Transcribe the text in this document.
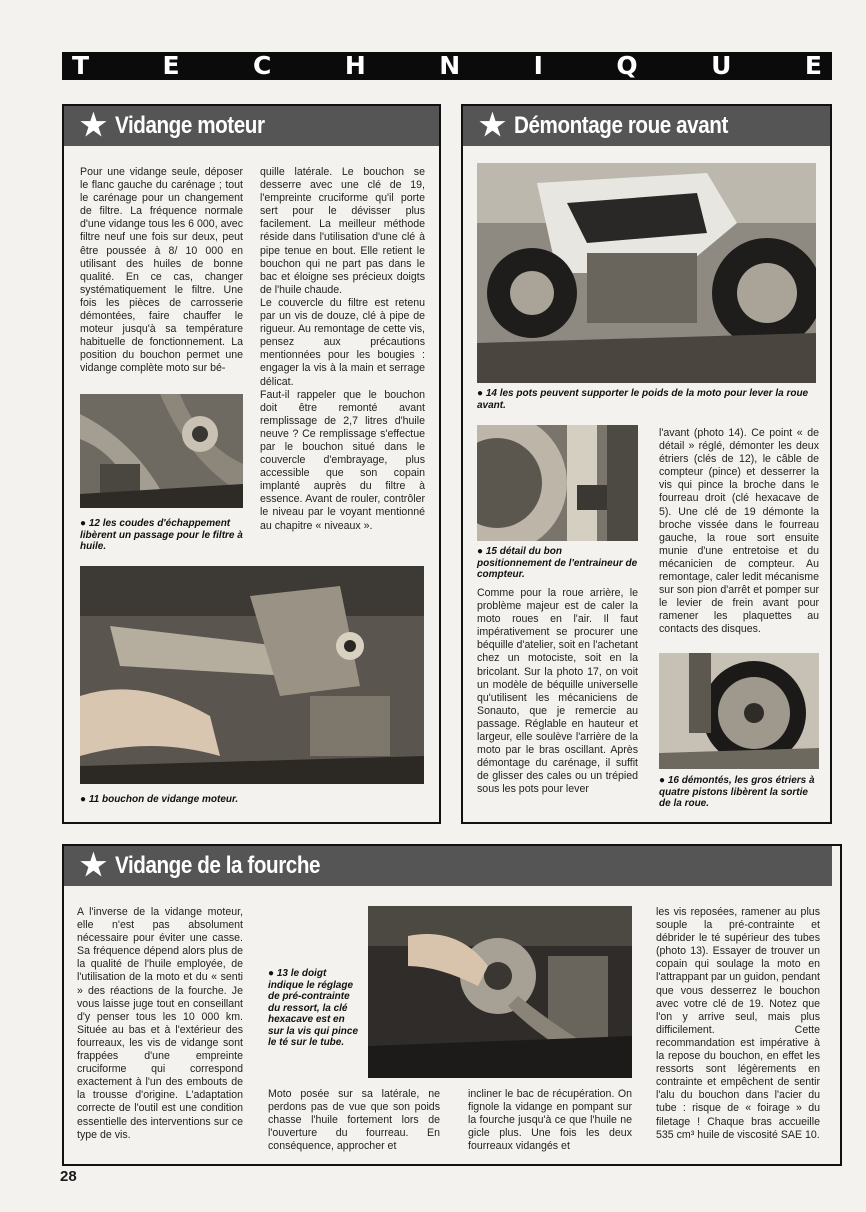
T	E	C	H	N	I	Q	U	E
★ Vidange moteur
Pour une vidange seule, déposer le flanc gauche du carénage ; tout le carénage pour un changement de filtre. La fréquence normale d'une vidange tous les 6 000, avec filtre neuf une fois sur deux, peut être poussée à 8/ 10 000 en utilisant des huiles de bonne qualité. En ce cas, changer systématiquement le filtre. Une fois les pièces de carrosserie démontées, faire chauffer le moteur jusqu'à sa température habituelle de fonctionnement. La position du bouchon permet une vidange complète moto sur bé-
quille latérale. Le bouchon se desserre avec une clé de 19, l'empreinte cruciforme qu'il porte sert pour le dévisser plus facilement. La meilleur méthode réside dans l'utilisation d'une clé à pipe tenue en bout. Elle retient le bouchon qui ne part pas dans le bac et éloigne ses précieux doigts de l'huile chaude.
Le couvercle du filtre est retenu par un vis de douze, clé à pipe de rigueur. Au remontage de cette vis, pensez aux précautions mentionnées pour les bougies : engager la vis à la main et serrage délicat.
Faut-il rappeler que le bouchon doit être remonté avant remplissage de 2,7 litres d'huile neuve ? Ce remplissage s'effectue par le bouchon situé dans le couvercle d'embrayage, plus accessible que son copain implanté auprès du filtre à essence. Avant de rouler, contrôler le niveau par le voyant mentionné au chapitre « niveaux ».
● 12 les coudes d'échappement libèrent un passage pour le filtre à huile.
● 11 bouchon de vidange moteur.
★ Démontage roue avant
● 14 les pots peuvent supporter le poids de la moto pour lever la roue avant.
● 15 détail du bon positionnement de l'entraineur de compteur.
Comme pour la roue arrière, le problème majeur est de caler la moto roues en l'air. Il faut impérativement se procurer une béquille d'atelier, soit en l'achetant chez un motociste, soit en la bricolant. Sur la photo 17, on voit un modèle de béquille universelle qu'utilisent les mécaniciens de Sonauto, que je remercie au passage. Réglable en hauteur et largeur, elle soulève l'arrière de la moto par le bras oscillant. Après démontage du carénage, il suffit de glisser des cales ou un trépied sous les pots pour lever
l'avant (photo 14). Ce point « de détail » réglé, démonter les deux étriers (clés de 12), le câble de compteur (pince) et desserrer la vis qui pince la broche dans le fourreau droit (clé hexacave de 5). Une clé de 19 démonte la broche vissée dans le fourreau gauche, la roue sort ensuite munie d'une entretoise et du mécanicien de compteur. Au remontage, caler ledit mécanisme sur son pion d'arrêt et pomper sur le levier de frein avant pour ramener les plaquettes au contacts des disques.
● 16 démontés, les gros étriers à quatre pistons libèrent la sortie de la roue.
★ Vidange de la fourche
A l'inverse de la vidange moteur, elle n'est pas absolument nécessaire pour éviter une casse. Sa fréquence dépend alors plus de la qualité de l'huile employée, de l'utilisation de la moto et du « senti » des réactions de la fourche. Je vous laisse juge tout en conseillant d'y penser tous les 10 000 km. Située au bas et à l'extérieur des fourreaux, les vis de vidange sont frappées d'une empreinte cruciforme qui correspond exactement à l'un des embouts de la trousse d'origine. L'adaptation correcte de l'outil est une condition essentielle des interventions sur ce type de vis.
● 13 le doigt indique le réglage de pré-contrainte du ressort, la clé hexacave est en sur la vis qui pince le té sur le tube.
Moto posée sur sa latérale, ne perdons pas de vue que son poids chasse l'huile fortement lors de l'ouverture du fourreau. En conséquence, approcher et
incliner le bac de récupération. On fignole la vidange en pompant sur la fourche jusqu'à ce que l'huile ne gicle plus. Une fois les deux fourreaux vidangés et
les vis reposées, ramener au plus souple la pré-contrainte et débrider le té supérieur des tubes (photo 13). Essayer de trouver un copain qui soulage la moto en l'attrappant par un guidon, pendant que vous desserrez le bouchon avec votre clé de 19. Notez que l'on y arrive seul, mais plus difficilement. Cette recommandation est impérative à la repose du bouchon, en effet les ressorts sont légèrements en contrainte et empêchent de sentir l'alu du bouchon dans l'acier du tube : risque de « foirage » du filetage ! Chaque bras accueille 535 cm³ huile de viscosité SAE 10.
28
